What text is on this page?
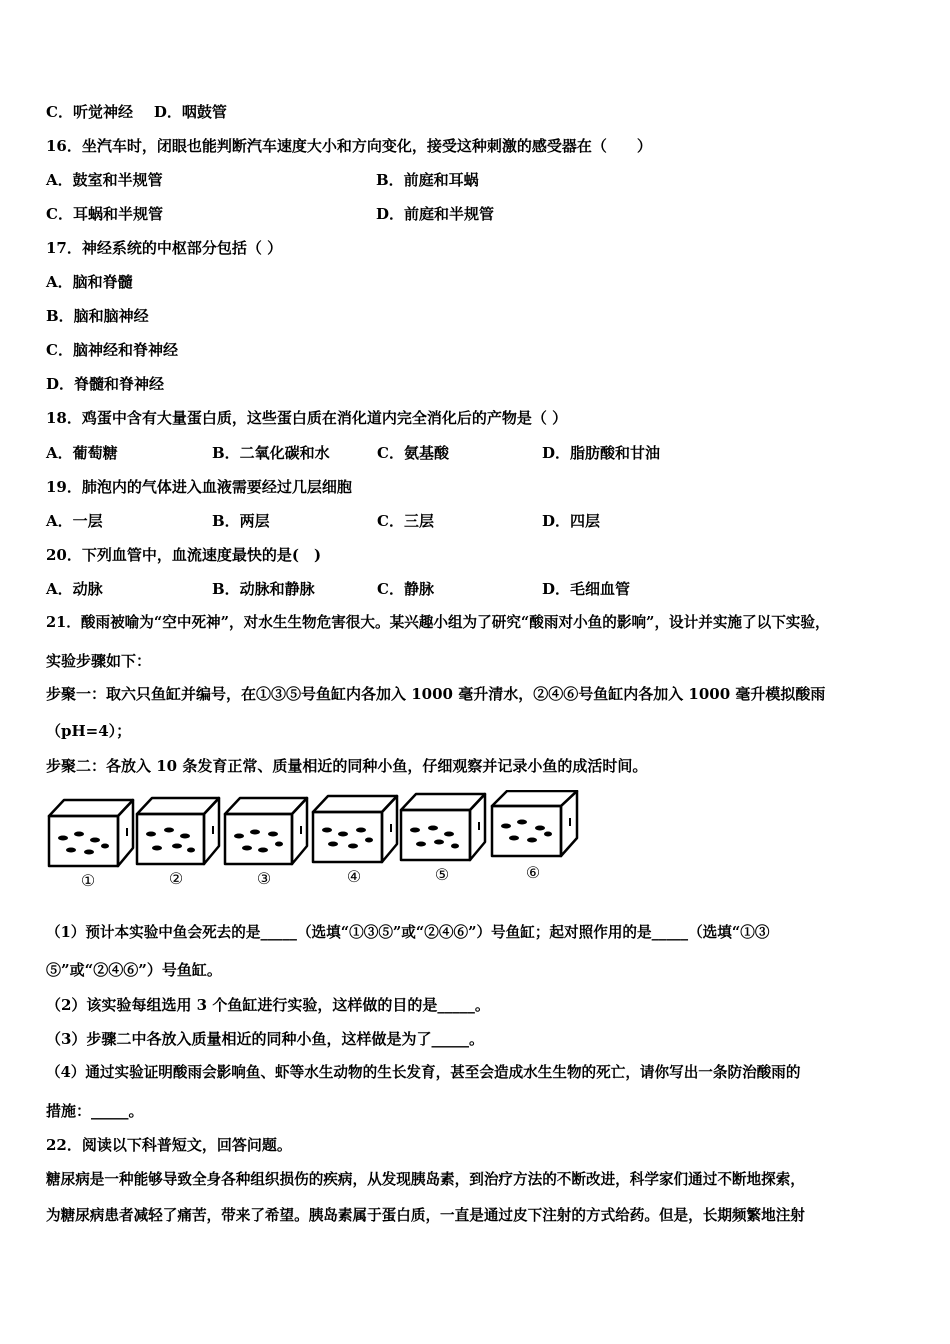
C．听觉神经 D．咽鼓管
16．坐汽车时，闭眼也能判断汽车速度大小和方向变化，接受这种刺激的感受器在（　　）
A．鼓室和半规管	B．前庭和耳蜗
C．耳蜗和半规管	D．前庭和半规管
17．神经系统的中枢部分包括（ ）
A．脑和脊髓
B．脑和脑神经
C．脑神经和脊神经
D．脊髓和脊神经
18．鸡蛋中含有大量蛋白质，这些蛋白质在消化道内完全消化后的产物是（ ）
A．葡萄糖	B．二氧化碳和水	C．氨基酸	D．脂肪酸和甘油
19．肺泡内的气体进入血液需要经过几层细胞
A．一层	B．两层	C．三层	D．四层
20．下列血管中，血流速度最快的是(　)
A．动脉	B．动脉和静脉	C．静脉	D．毛细血管
21．酸雨被喻为“空中死神”，对水生生物危害很大。某兴趣小组为了研究“酸雨对小鱼的影响”，设计并实施了以下实验，
实验步骤如下：
步聚一：取六只鱼缸并编号，在①③⑤号鱼缸内各加入 1000 毫升清水，②④⑥号鱼缸内各加入 1000 毫升模拟酸雨
（pH=4）；
步聚二：各放入 10 条发育正常、质量相近的同种小鱼，仔细观察并记录小鱼的成活时间。
①	②	③	④	⑤	⑥
（1）预计本实验中鱼会死去的是_____（选填“①③⑤”或“②④⑥”）号鱼缸；起对照作用的是_____（选填“①③
⑤”或“②④⑥”）号鱼缸。
（2）该实验每组选用 3 个鱼缸进行实验，这样做的目的是_____。
（3）步骤二中各放入质量相近的同种小鱼，这样做是为了_____。
（4）通过实验证明酸雨会影响鱼、虾等水生动物的生长发育，甚至会造成水生生物的死亡，请你写出一条防治酸雨的
措施：_____。
22．阅读以下科普短文，回答问题。
糖尿病是一种能够导致全身各种组织损伤的疾病，从发现胰岛素，到治疗方法的不断改进，科学家们通过不断地探索，
为糖尿病患者减轻了痛苦，带来了希望。胰岛素属于蛋白质，一直是通过皮下注射的方式给药。但是，长期频繁地注射
